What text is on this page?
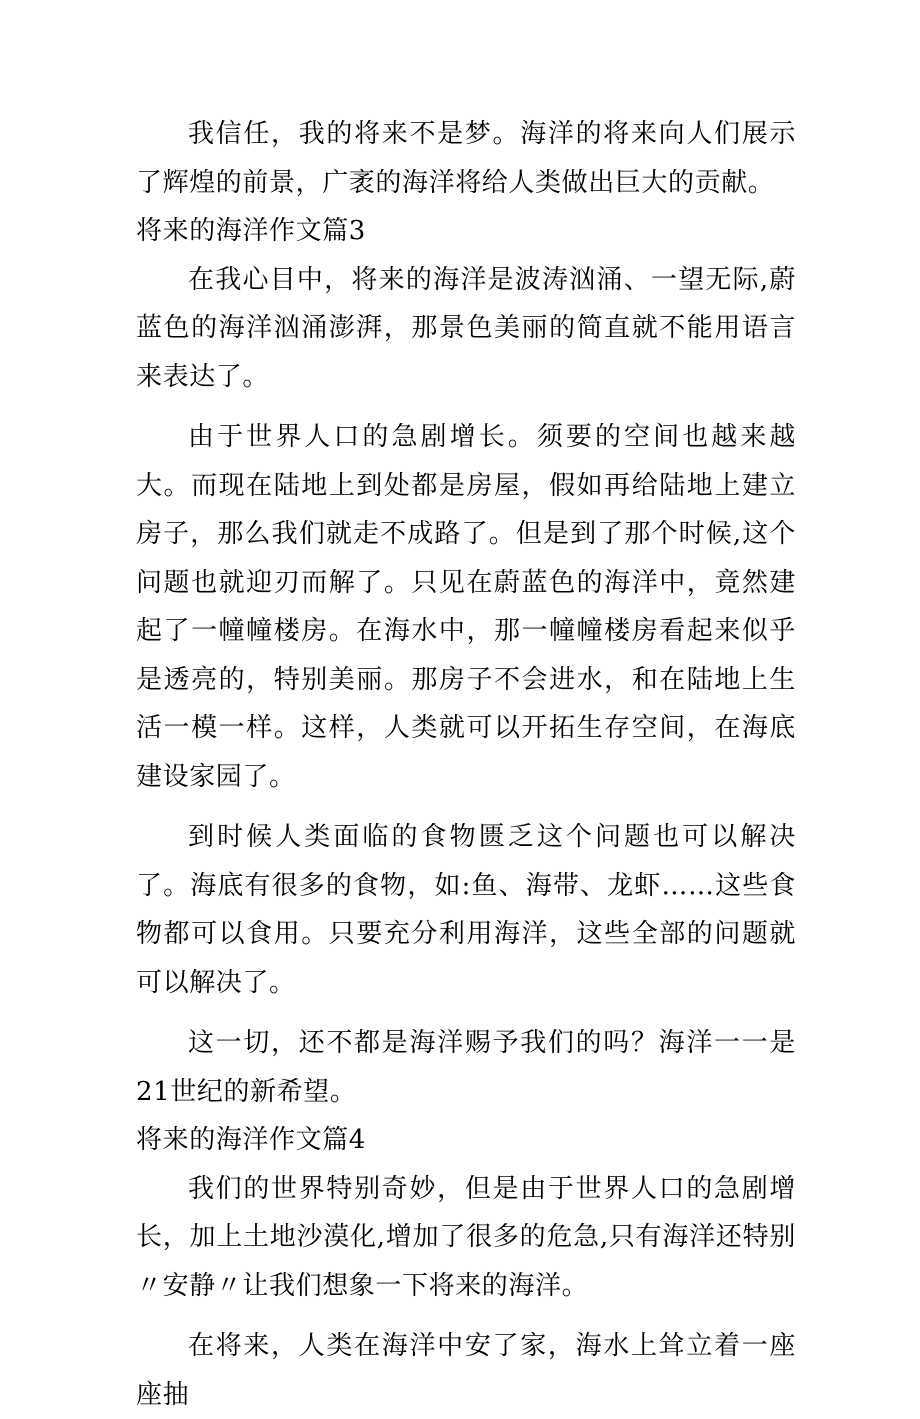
我信任，我的将来不是梦。海洋的将来向人们展示了辉煌的前景，广袤的海洋将给人类做出巨大的贡献。

将来的海洋作文篇3

在我心目中，将来的海洋是波涛汹涌、一望无际,蔚蓝色的海洋汹涌澎湃，那景色美丽的简直就不能用语言来表达了。

由于世界人口的急剧增长。须要的空间也越来越大。而现在陆地上到处都是房屋，假如再给陆地上建立房子，那么我们就走不成路了。但是到了那个时候,这个问题也就迎刃而解了。只见在蔚蓝色的海洋中，竟然建起了一幢幢楼房。在海水中，那一幢幢楼房看起来似乎是透亮的，特别美丽。那房子不会进水，和在陆地上生活一模一样。这样，人类就可以开拓生存空间，在海底建设家园了。

到时候人类面临的食物匮乏这个问题也可以解决了。海底有很多的食物，如:鱼、海带、龙虾……这些食物都可以食用。只要充分利用海洋，这些全部的问题就可以解决了。

这一切，还不都是海洋赐予我们的吗？海洋一一是21世纪的新希望。

将来的海洋作文篇4

我们的世界特别奇妙，但是由于世界人口的急剧增长，加上土地沙漠化,增加了很多的危急,只有海洋还特别〃安静〃让我们想象一下将来的海洋。

在将来，人类在海洋中安了家，海水上耸立着一座座抽
